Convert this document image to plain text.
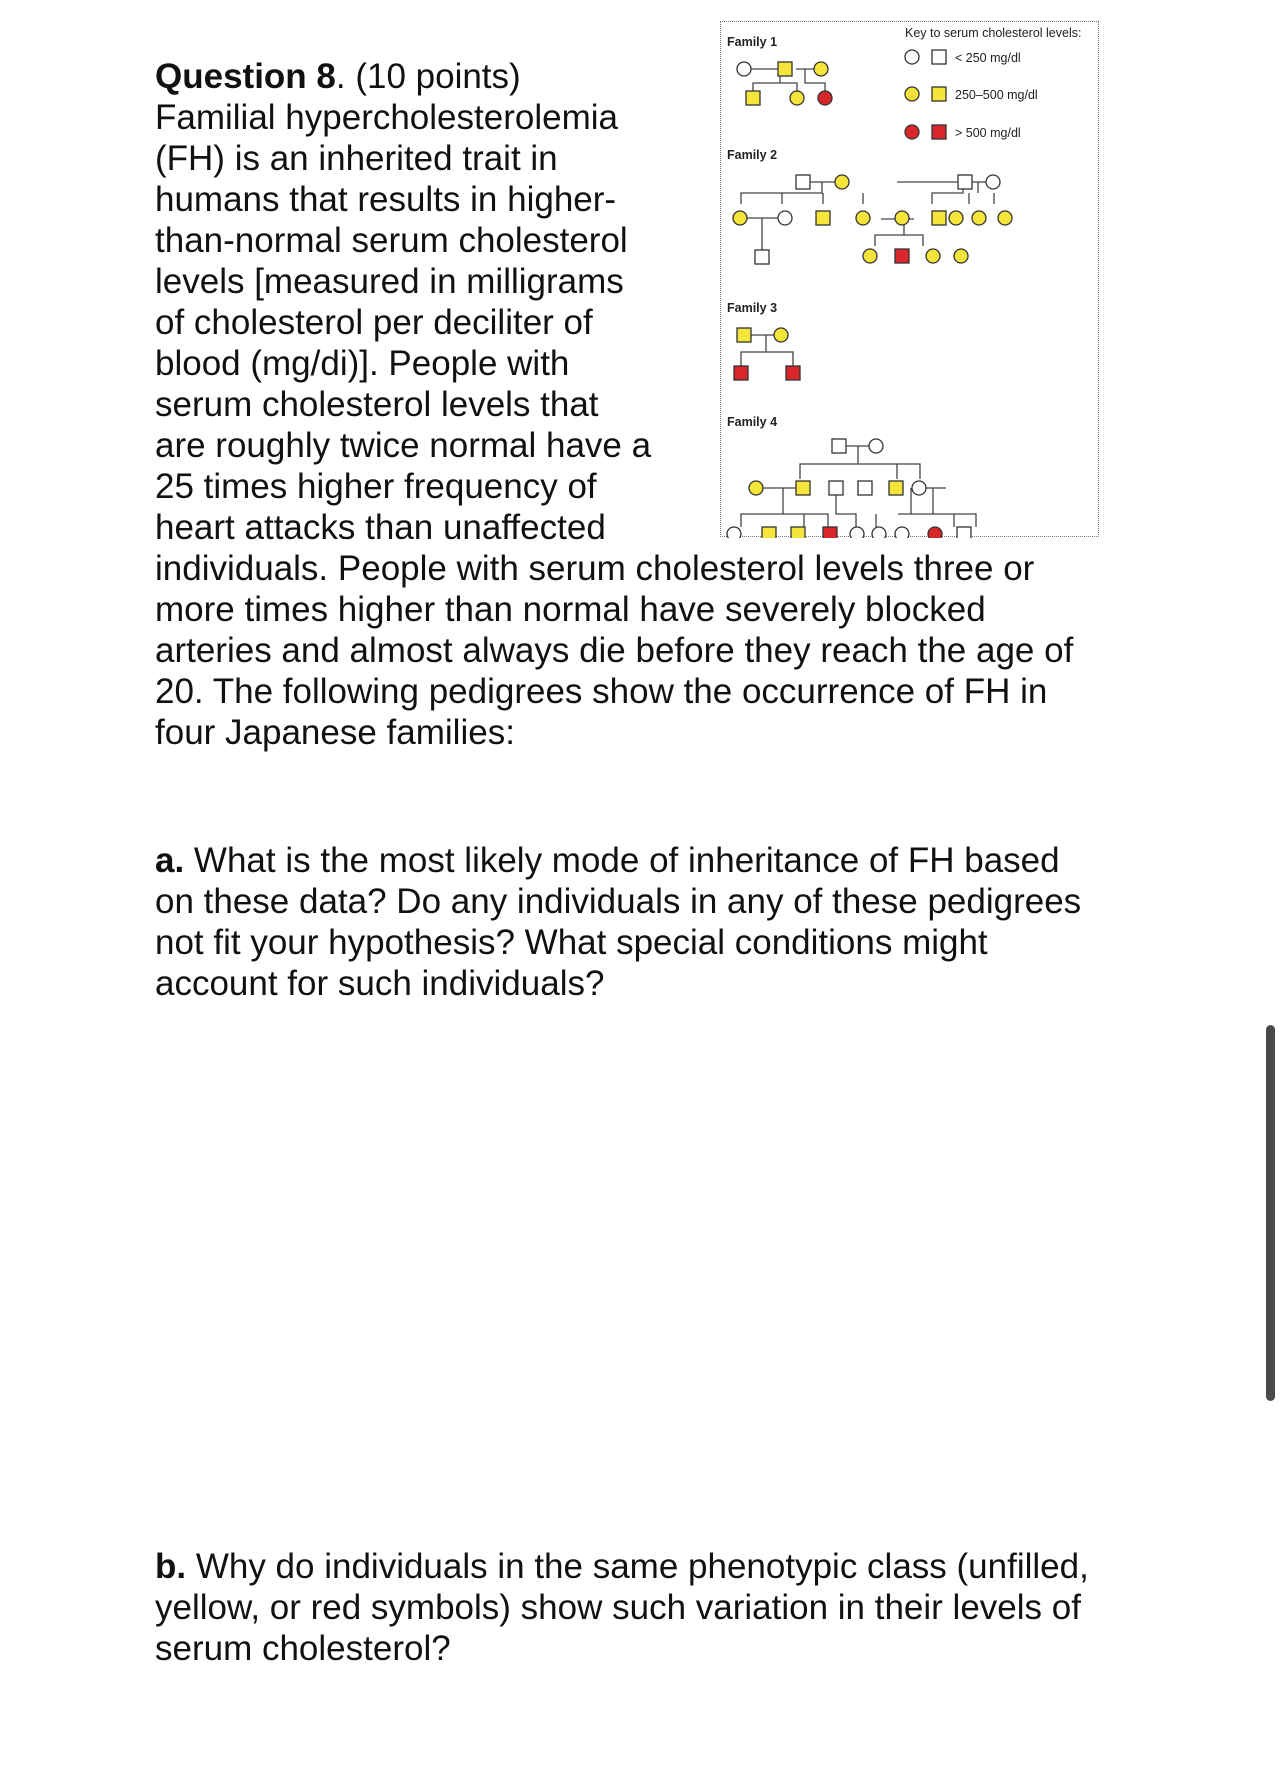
Key to serum cholesterol levels:
< 250 mg/dl
250–500 mg/dl
> 500 mg/dl
Family 1
Family 2
Family 3
Family 4

Question 8. (10 points)
Familial hypercholesterolemia (FH) is an inherited trait in humans that results in higher-than-normal serum cholesterol levels [measured in milligrams of cholesterol per deciliter of blood (mg/di)]. People with serum cholesterol levels that are roughly twice normal have a 25 times higher frequency of heart attacks than unaffected individuals. People with serum cholesterol levels three or more times higher than normal have severely blocked arteries and almost always die before they reach the age of 20. The following pedigrees show the occurrence of FH in four Japanese families:

a. What is the most likely mode of inheritance of FH based on these data? Do any individuals in any of these pedigrees not fit your hypothesis? What special conditions might account for such individuals?

b. Why do individuals in the same phenotypic class (unfilled, yellow, or red symbols) show such variation in their levels of serum cholesterol?
